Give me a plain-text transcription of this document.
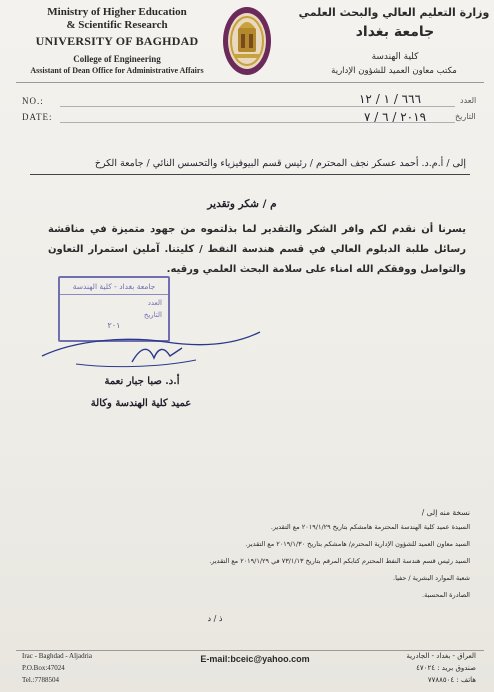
Ministry of Higher Education
& Scientific Research
UNIVERSITY OF BAGHDAD
College of Engineering
Assistant of Dean Office for Administrative Affairs
وزارة التعليم العالي والبحث العلمي
جامعة بغداد
كلية الهندسة
مكتب معاون العميد للشؤون الإدارية
NO.:
DATE:
٦٦٦ / ١ / ١٢
٢٠١٩ / ٦ / ٧
العدد
التاريخ
إلى / أ.م.د. أحمد عسكر نجف المحترم / رئيس قسم البيوفيزياء والتحسس النائي / جامعة الكرخ
م / شكر وتقدير
يسرنا أن نقدم لكم وافر الشكر والتقدير لما بذلتموه من جهود متميزة في مناقشة رسائل طلبة الدبلوم العالي في قسم هندسة النفط / كليتنا. آملين استمرار التعاون والتواصل ووفقكم الله امناء على سلامة البحث العلمي ورقيه.
جامعة بغداد - كلية الهندسة
العدد
التاريخ
٢٠١
أ.د. صبا جبار نعمة
عميد كلية الهندسة وكالة
نسخة منه إلى /
السيدة عميد كلية الهندسة المحترمة هامشكم بتاريخ ٢٠١٩/١/٢٩ مع التقدير.
السيد معاون العميد للشؤون الإدارية المحترم/ هامشكم بتاريخ ٢٠١٩/١/٣٠ مع التقدير.
السيد رئيس قسم هندسة النفط المحترم كتابكم المرقم بتاريخ ٧٣/١/١٣ في ٢٠١٩/١/٢٩ مع التقدير.
شعبة الموارد البشرية / حفيا.
الصادرة المحسبة.
ذ / د
Irac - Baghdad - Aljadria
P.O.Box:47024
Tel.:7788504
E-mail:bceic@yahoo.com	العراق - بغداد - الجادرية
صندوق بريد : ٤٧٠٢٤
هاتف : ٧٧٨٨٥٠٤
